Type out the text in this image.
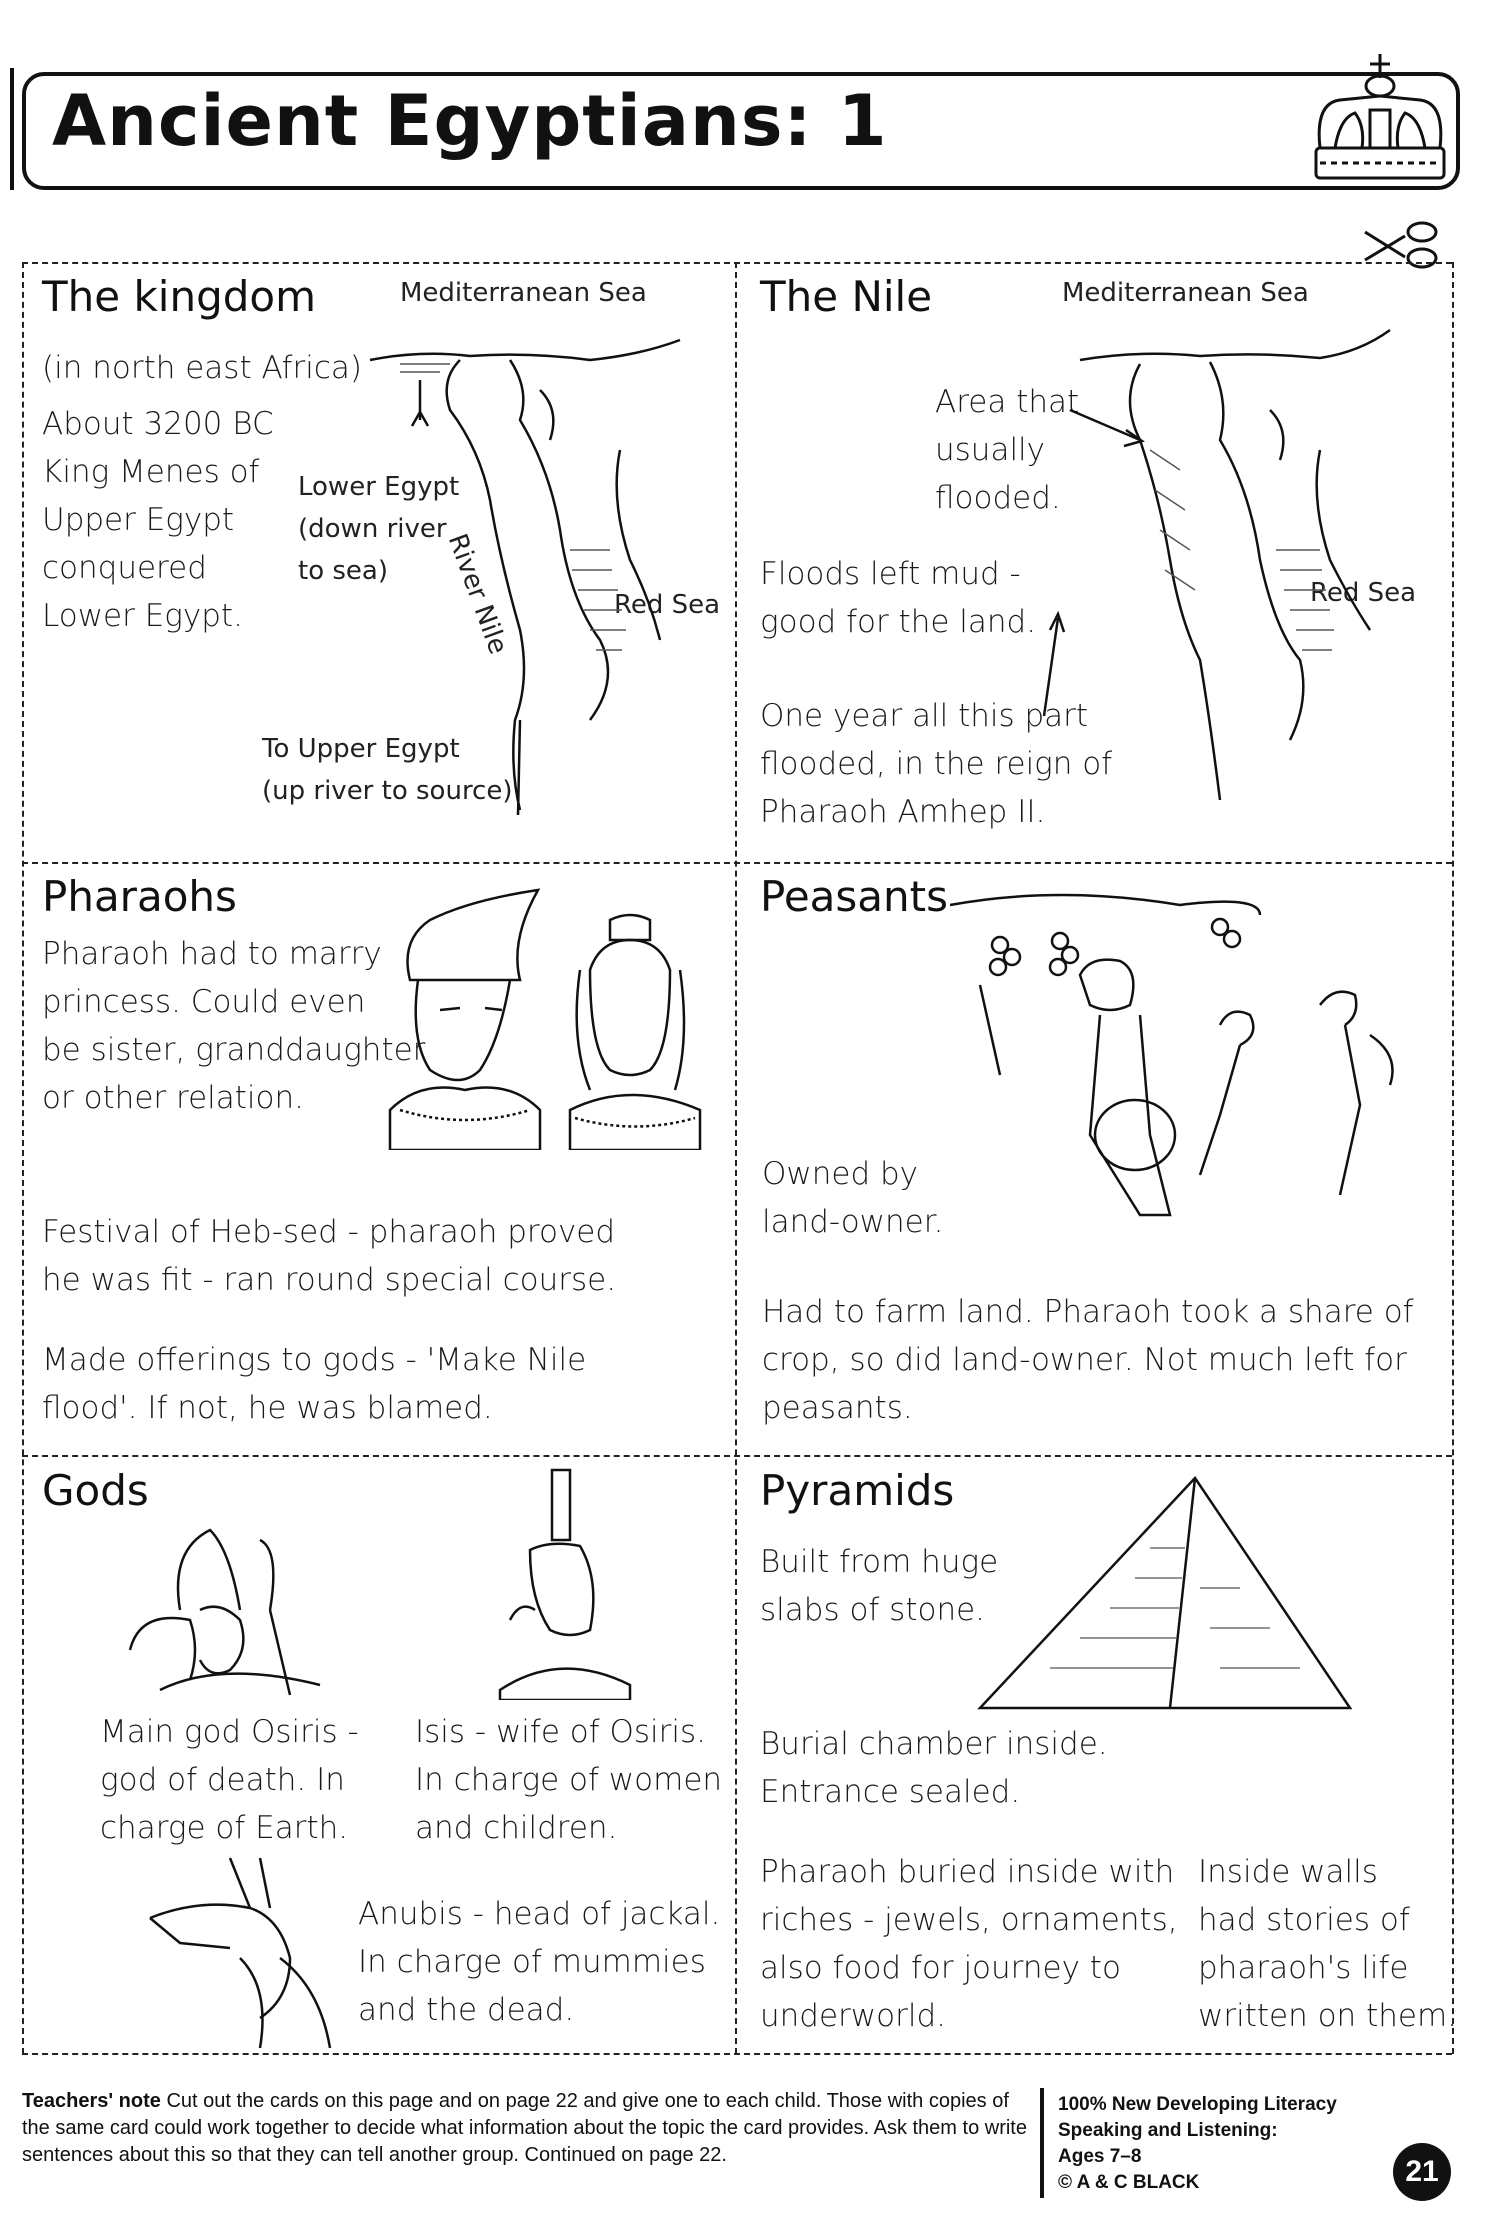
Ancient Egyptians: 1
The kingdom
(in north east Africa)
About 3200 BC
King Menes of
Upper Egypt
conquered
Lower Egypt.
Mediterranean Sea
Lower Egypt
(down river
to sea)	River Nile	Red Sea
To Upper Egypt
(up river to source)
The Nile	Mediterranean Sea
Area that
usually
flooded.
Red Sea
Floods left mud -
good for the land.
One year all this part
flooded, in the reign of
Pharaoh Amhep II.
Pharaohs
Pharaoh had to marry
princess. Could even
be sister, granddaughter
or other relation.
Festival of Heb-sed - pharaoh proved
he was fit - ran round special course.
Made offerings to gods - 'Make Nile
flood'. If not, he was blamed.
Peasants
Owned by
land-owner.
Had to farm land. Pharaoh took a share of
crop, so did land-owner. Not much left for
peasants.
Gods
Main god Osiris -
god of death. In
charge of Earth.
Isis - wife of Osiris.
In charge of women
and children.
Anubis - head of jackal.
In charge of mummies
and the dead.
Pyramids
Built from huge
slabs of stone.
Burial chamber inside.
Entrance sealed.
Pharaoh buried inside with
riches - jewels, ornaments,
also food for journey to
underworld.
Inside walls
had stories of
pharaoh's life
written on them.
Teachers' note Cut out the cards on this page and on page 22 and give one to each child. Those with copies of the same card could work together to decide what information about the topic the card provides. Ask them to write sentences about this so that they can tell another group. Continued on page 22.
100% New Developing Literacy
Speaking and Listening:
Ages 7–8
© A & C BLACK	21
